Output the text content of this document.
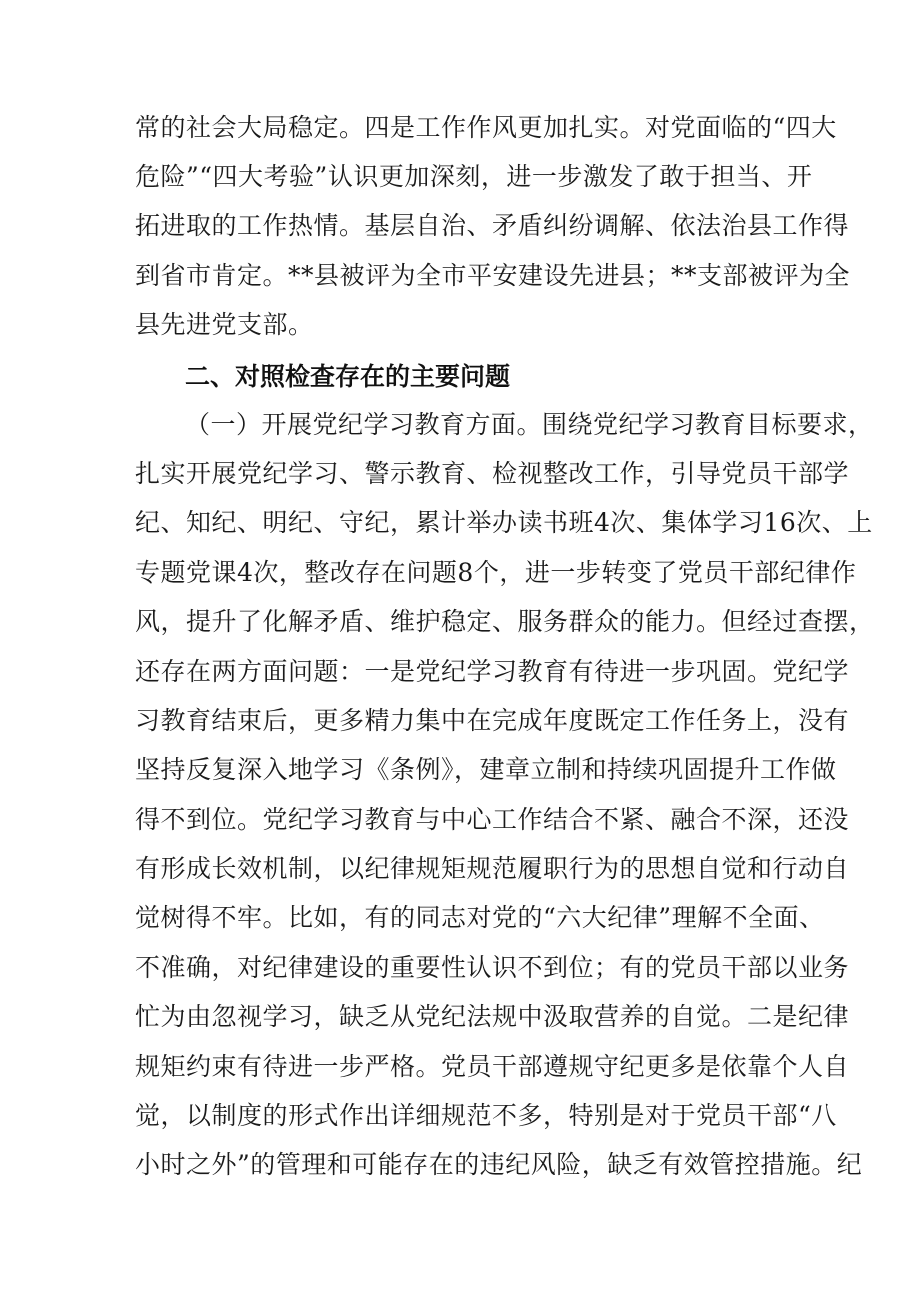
常的社会大局稳定。四是工作作风更加扎实。对党面临的“四大
危险”“四大考验”认识更加深刻，进一步激发了敢于担当、开
拓进取的工作热情。基层自治、矛盾纠纷调解、依法治县工作得
到省市肯定。**县被评为全市平安建设先进县；**支部被评为全
县先进党支部。
二、对照检查存在的主要问题
（一）开展党纪学习教育方面。围绕党纪学习教育目标要求，
扎实开展党纪学习、警示教育、检视整改工作，引导党员干部学
纪、知纪、明纪、守纪，累计举办读书班4次、集体学习16次、上
专题党课4次，整改存在问题8个，进一步转变了党员干部纪律作
风，提升了化解矛盾、维护稳定、服务群众的能力。但经过查摆，
还存在两方面问题：一是党纪学习教育有待进一步巩固。党纪学
习教育结束后，更多精力集中在完成年度既定工作任务上，没有
坚持反复深入地学习《条例》，建章立制和持续巩固提升工作做
得不到位。党纪学习教育与中心工作结合不紧、融合不深，还没
有形成长效机制，以纪律规矩规范履职行为的思想自觉和行动自
觉树得不牢。比如，有的同志对党的“六大纪律”理解不全面、
不准确，对纪律建设的重要性认识不到位；有的党员干部以业务
忙为由忽视学习，缺乏从党纪法规中汲取营养的自觉。二是纪律
规矩约束有待进一步严格。党员干部遵规守纪更多是依靠个人自
觉，以制度的形式作出详细规范不多，特别是对于党员干部“八
小时之外”的管理和可能存在的违纪风险，缺乏有效管控措施。纪
